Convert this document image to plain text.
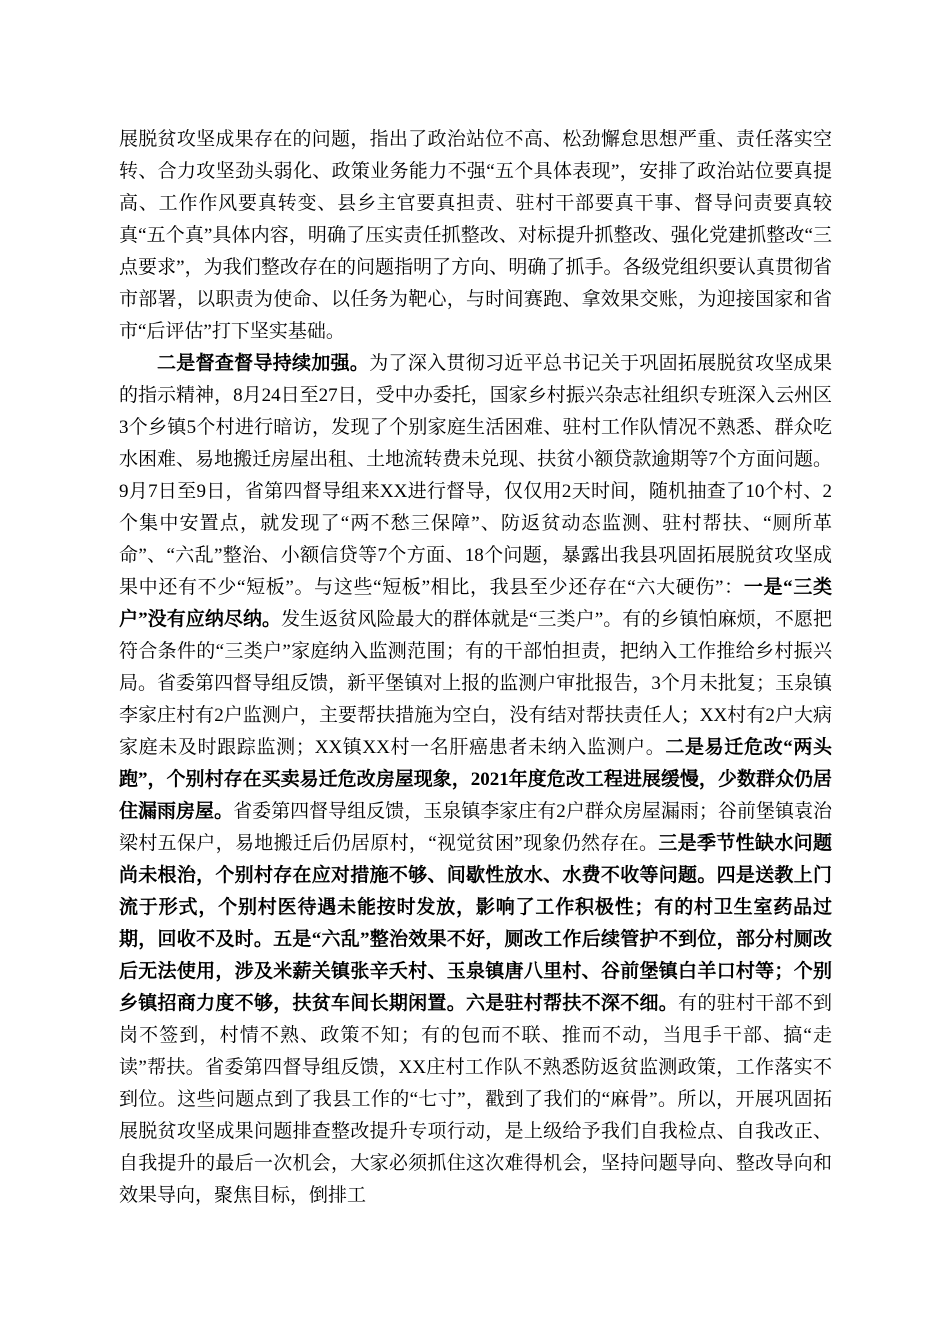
展脱贫攻坚成果存在的问题，指出了政治站位不高、松劲懈怠思想严重、责任落实空转、合力攻坚劲头弱化、政策业务能力不强“五个具体表现”，安排了政治站位要真提高、工作作风要真转变、县乡主官要真担责、驻村干部要真干事、督导问责要真较真“五个真”具体内容，明确了压实责任抓整改、对标提升抓整改、强化党建抓整改“三点要求”，为我们整改存在的问题指明了方向、明确了抓手。各级党组织要认真贯彻省市部署，以职责为使命、以任务为靶心，与时间赛跑、拿效果交账，为迎接国家和省市“后评估”打下坚实基础。

二是督查督导持续加强。为了深入贯彻习近平总书记关于巩固拓展脱贫攻坚成果的指示精神，8月24日至27日，受中办委托，国家乡村振兴杂志社组织专班深入云州区3个乡镇5个村进行暗访，发现了个别家庭生活困难、驻村工作队情况不熟悉、群众吃水困难、易地搬迁房屋出租、土地流转费未兑现、扶贫小额贷款逾期等7个方面问题。9月7日至9日，省第四督导组来XX进行督导，仅仅用2天时间，随机抽查了10个村、2个集中安置点，就发现了“两不愁三保障”、防返贫动态监测、驻村帮扶、“厕所革命”、“六乱”整治、小额信贷等7个方面、18个问题，暴露出我县巩固拓展脱贫攻坚成果中还有不少“短板”。与这些“短板”相比，我县至少还存在“六大硬伤”：一是“三类户”没有应纳尽纳。发生返贫风险最大的群体就是“三类户”。有的乡镇怕麻烦，不愿把符合条件的“三类户”家庭纳入监测范围；有的干部怕担责，把纳入工作推给乡村振兴局。省委第四督导组反馈，新平堡镇对上报的监测户审批报告，3个月未批复；玉泉镇李家庄村有2户监测户，主要帮扶措施为空白，没有结对帮扶责任人；XX村有2户大病家庭未及时跟踪监测；XX镇XX村一名肝癌患者未纳入监测户。二是易迁危改“两头跑”，个别村存在买卖易迁危改房屋现象，2021年度危改工程进展缓慢，少数群众仍居住漏雨房屋。省委第四督导组反馈，玉泉镇李家庄有2户群众房屋漏雨；谷前堡镇袁治梁村五保户，易地搬迁后仍居原村，“视觉贫困”现象仍然存在。三是季节性缺水问题尚未根治，个别村存在应对措施不够、间歇性放水、水费不收等问题。四是送教上门流于形式，个别村医待遇未能按时发放，影响了工作积极性；有的村卫生室药品过期，回收不及时。五是“六乱”整治效果不好，厕改工作后续管护不到位，部分村厕改后无法使用，涉及米薪关镇张辛夭村、玉泉镇唐八里村、谷前堡镇白羊口村等；个别乡镇招商力度不够，扶贫车间长期闲置。六是驻村帮扶不深不细。有的驻村干部不到岗不签到，村情不熟、政策不知；有的包而不联、推而不动，当甩手干部、搞“走读”帮扶。省委第四督导组反馈，XX庄村工作队不熟悉防返贫监测政策，工作落实不到位。这些问题点到了我县工作的“七寸”，戳到了我们的“麻骨”。所以，开展巩固拓展脱贫攻坚成果问题排查整改提升专项行动，是上级给予我们自我检点、自我改正、自我提升的最后一次机会，大家必须抓住这次难得机会，坚持问题导向、整改导向和效果导向，聚焦目标，倒排工
